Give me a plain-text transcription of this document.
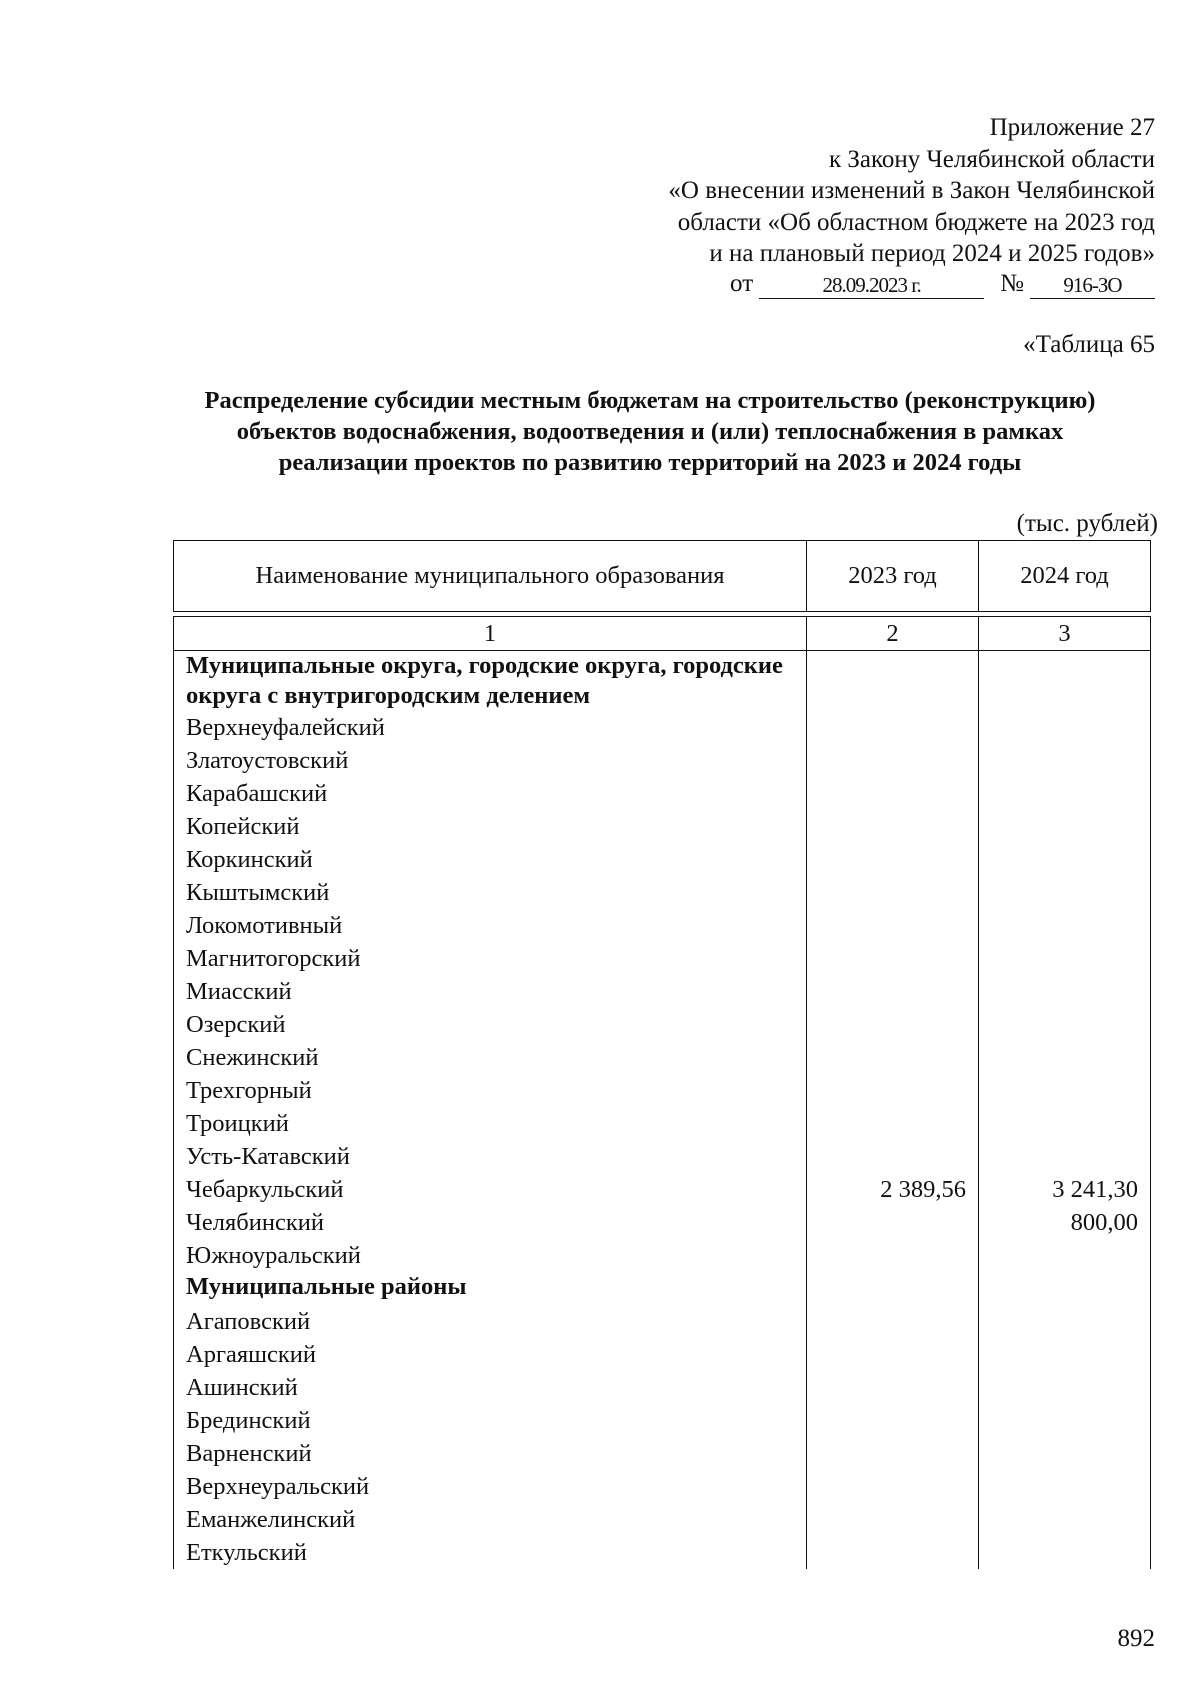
Приложение 27
к Закону Челябинской области
«О внесении изменений в Закон Челябинской
области «Об областном бюджете на 2023 год
и на плановый период 2024 и 2025 годов»
от	28.09.2023 г.	№	916-ЗО
«Таблица 65
Распределение субсидии местным бюджетам на строительство (реконструкцию)
объектов водоснабжения, водоотведения и (или) теплоснабжения в рамках
реализации проектов по развитию территорий на 2023 и 2024 годы
(тыс. рублей)
Наименование муниципального образования	2023 год	2024 год

1	2	3
Муниципальные округа, городские округа, городские округа с внутригородским делением		
Верхнеуфалейский		
Златоустовский		
Карабашский		
Копейский		
Коркинский		
Кыштымский		
Локомотивный		
Магнитогорский		
Миасский		
Озерский		
Снежинский		
Трехгорный		
Троицкий		
Усть-Катавский		
Чебаркульский	2 389,56	3 241,30
Челябинский		800,00
Южноуральский		
Муниципальные районы		
Агаповский		
Аргаяшский		
Ашинский		
Брединский		
Варненский		
Верхнеуральский		
Еманжелинский		
Еткульский		
892
